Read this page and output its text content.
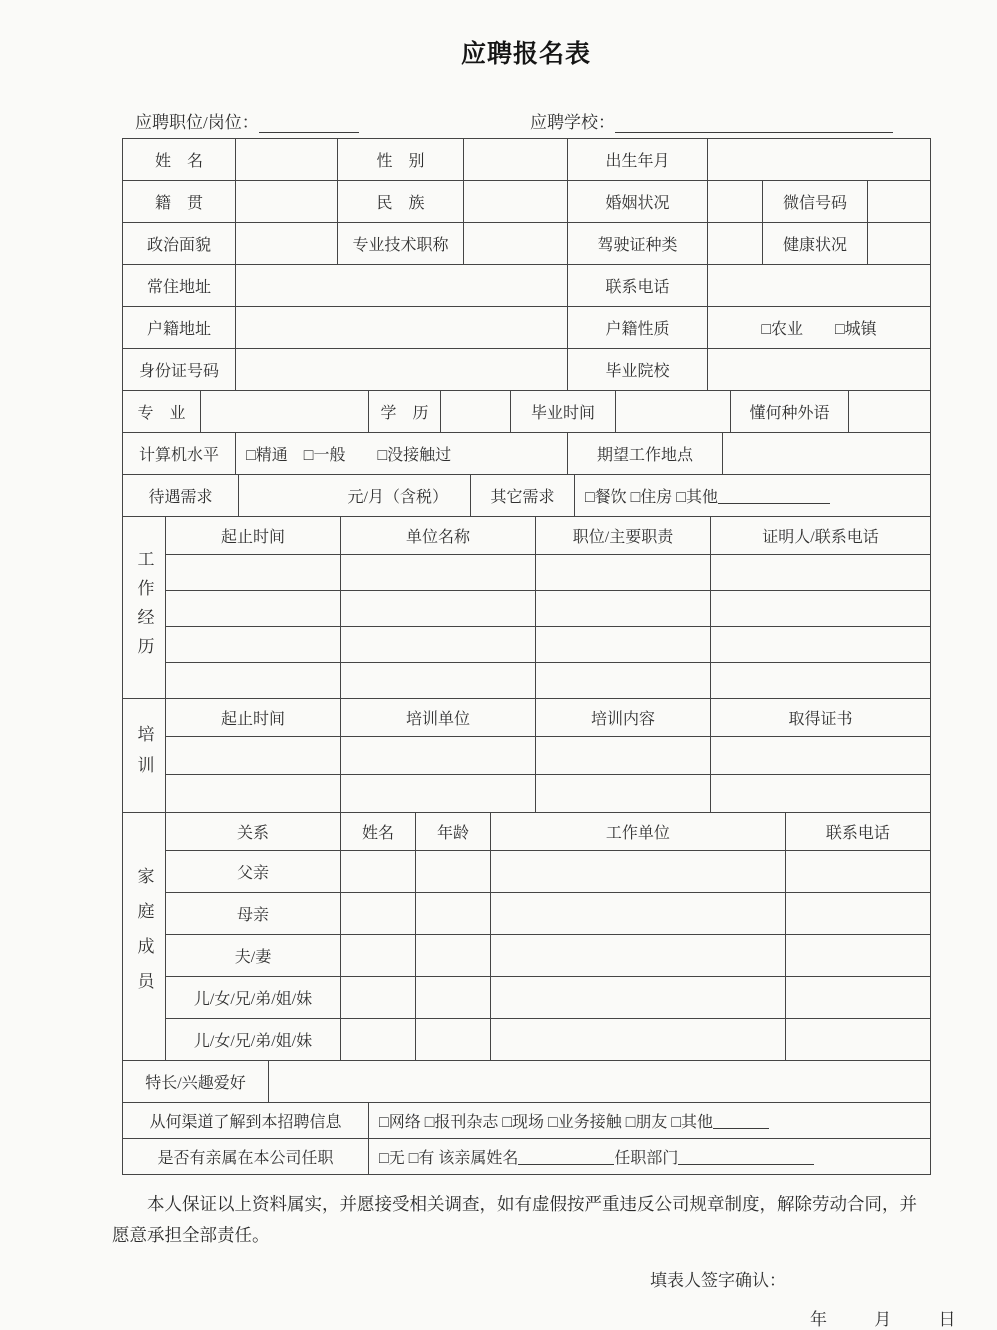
应聘报名表
应聘职位/岗位：	应聘学校：
姓　名	性　别	出生年月
籍　贯	民　族	婚姻状况	微信号码
政治面貌	专业技术职称	驾驶证种类	健康状况
常住地址	联系电话
户籍地址	户籍性质	□农业　　□城镇
身份证号码	毕业院校
专　业	学　历	毕业时间	懂何种外语
计算机水平	□精通　□一般　　□没接触过	期望工作地点
待遇需求	元/月（含税）	其它需求	□餐饮 □住房 □其他
工作经历
起止时间	单位名称	职位/主要职责	证明人/联系电话
培训
起止时间	培训单位	培训内容	取得证书
家庭成员
关系	姓名	年龄	工作单位	联系电话
父亲
母亲
夫/妻
儿/女/兄/弟/姐/妹
儿/女/兄/弟/姐/妹
特长/兴趣爱好
从何渠道了解到本招聘信息	□网络 □报刊杂志 □现场 □业务接触 □朋友 □其他
是否有亲属在本公司任职	□无 □有 该亲属姓名	任职部门
本人保证以上资料属实，并愿接受相关调查，如有虚假按严重违反公司规章制度，解除劳动合同，并愿意承担全部责任。
填表人签字确认：
年	月	日
